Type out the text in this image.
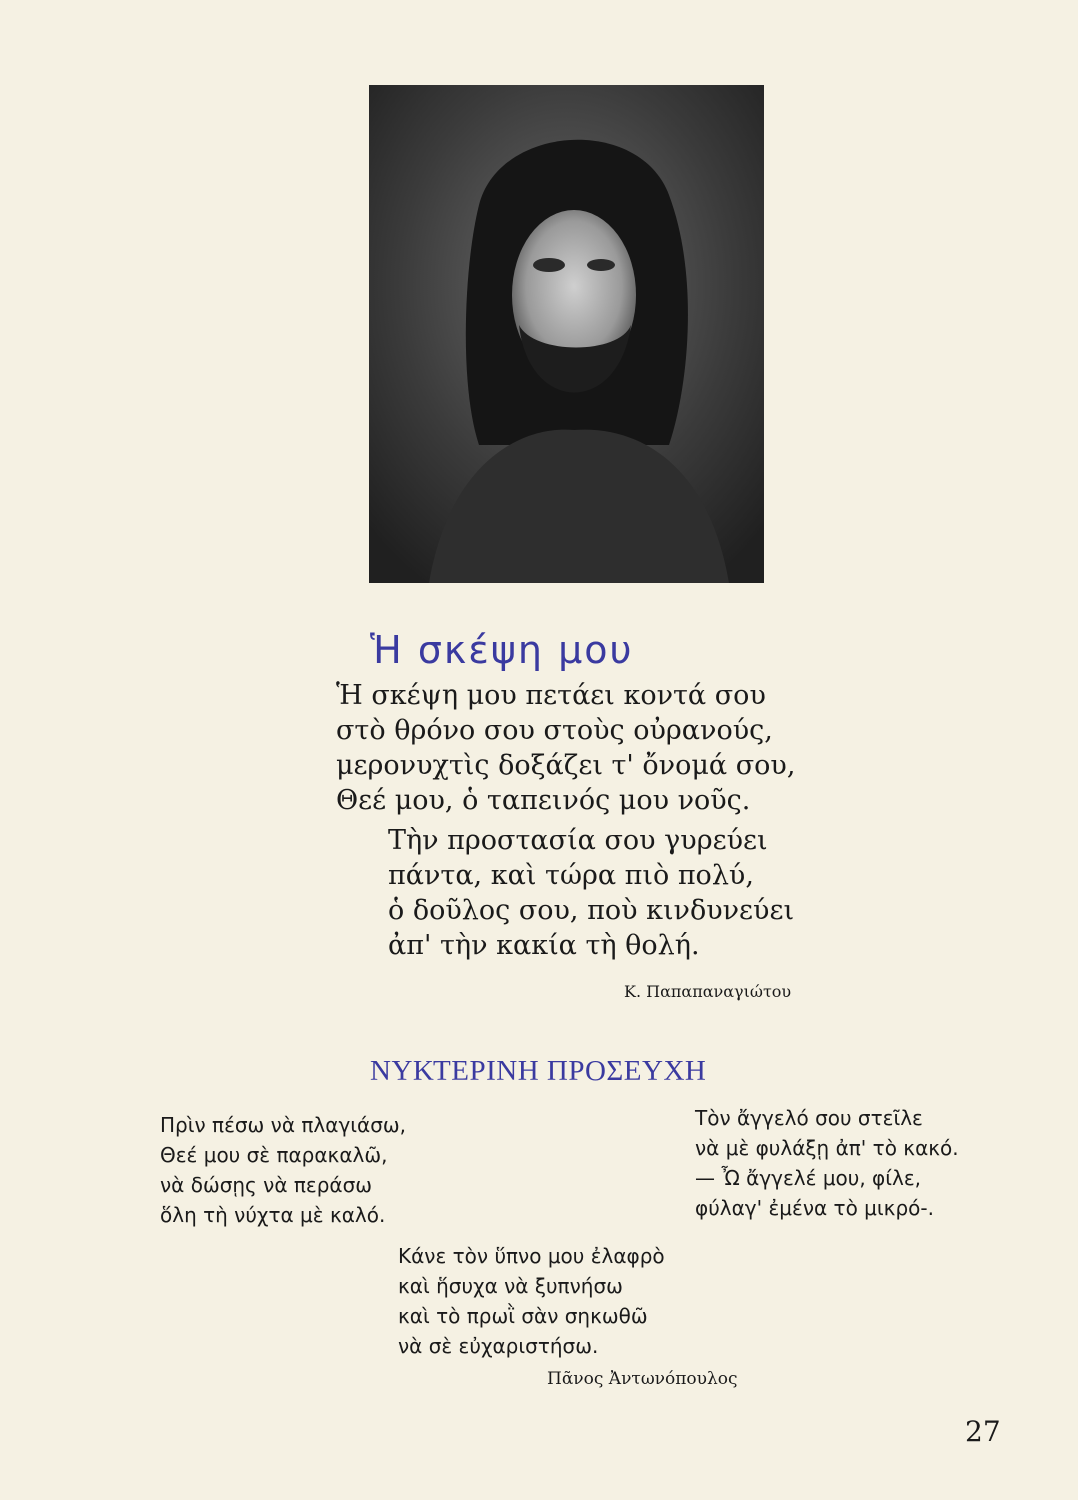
Ἡ σκέψη μου
Ἡ σκέψη μου πετάει κοντά σου
στὸ θρόνο σου στοὺς οὐρανούς,
μερονυχτὶς δοξάζει τ' ὄνομά σου,
Θεέ μου, ὁ ταπεινός μου νοῦς.
Τὴν προστασία σου γυρεύει
πάντα, καὶ τώρα πιὸ πολύ,
ὁ δοῦλος σου, ποὺ κινδυνεύει
ἀπ' τὴν κακία τὴ θολή.
Κ. Παπαπαναγιώτου
ΝΥΚΤΕΡΙΝΗ ΠΡΟΣΕΥΧΗ
Πρὶν πέσω νὰ πλαγιάσω,
Θεέ μου σὲ παρακαλῶ,
νὰ δώσῃς νὰ περάσω
ὅλη τὴ νύχτα μὲ καλό.
Τὸν ἄγγελό σου στεῖλε
νὰ μὲ φυλάξῃ ἀπ' τὸ κακό.
— Ὦ ἄγγελέ μου, φίλε,
φύλαγ' ἐμένα τὸ μικρό-.
Κάνε τὸν ὕπνο μου ἐλαφρὸ
καὶ ἥσυχα νὰ ξυπνήσω
καὶ τὸ πρωῒ σὰν σηκωθῶ
νὰ σὲ εὐχαριστήσω.
Πᾶνος Ἀντωνόπουλος
27
